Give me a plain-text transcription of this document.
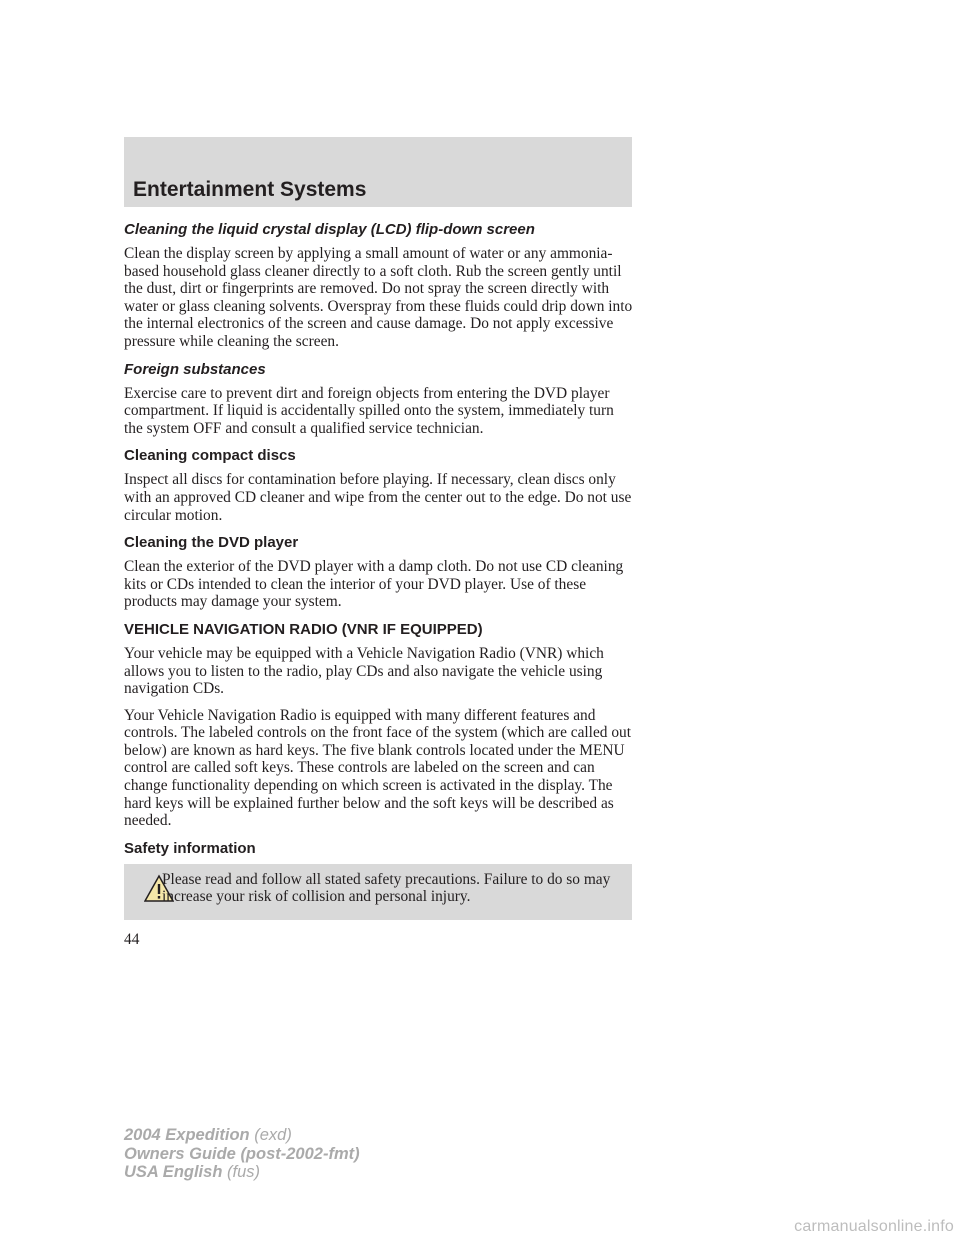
Entertainment Systems
Cleaning the liquid crystal display (LCD) flip-down screen

Clean the display screen by applying a small amount of water or any ammonia-based household glass cleaner directly to a soft cloth. Rub the screen gently until the dust, dirt or fingerprints are removed. Do not spray the screen directly with water or glass cleaning solvents. Overspray from these fluids could drip down into the internal electronics of the screen and cause damage. Do not apply excessive pressure while cleaning the screen.

Foreign substances

Exercise care to prevent dirt and foreign objects from entering the DVD player compartment. If liquid is accidentally spilled onto the system, immediately turn the system OFF and consult a qualified service technician.

Cleaning compact discs

Inspect all discs for contamination before playing. If necessary, clean discs only with an approved CD cleaner and wipe from the center out to the edge. Do not use circular motion.

Cleaning the DVD player

Clean the exterior of the DVD player with a damp cloth. Do not use CD cleaning kits or CDs intended to clean the interior of your DVD player. Use of these products may damage your system.

VEHICLE NAVIGATION RADIO (VNR IF EQUIPPED)

Your vehicle may be equipped with a Vehicle Navigation Radio (VNR) which allows you to listen to the radio, play CDs and also navigate the vehicle using navigation CDs.

Your Vehicle Navigation Radio is equipped with many different features and controls. The labeled controls on the front face of the system (which are called out below) are known as hard keys. The five blank controls located under the MENU control are called soft keys. These controls are labeled on the screen and can change functionality depending on which screen is activated in the display. The hard keys will be explained further below and the soft keys will be described as needed.

Safety information
Please read and follow all stated safety precautions. Failure to do so may increase your risk of collision and personal injury.
44
2004 Expedition (exd)
Owners Guide (post-2002-fmt)
USA English (fus)
carmanualsonline.info
